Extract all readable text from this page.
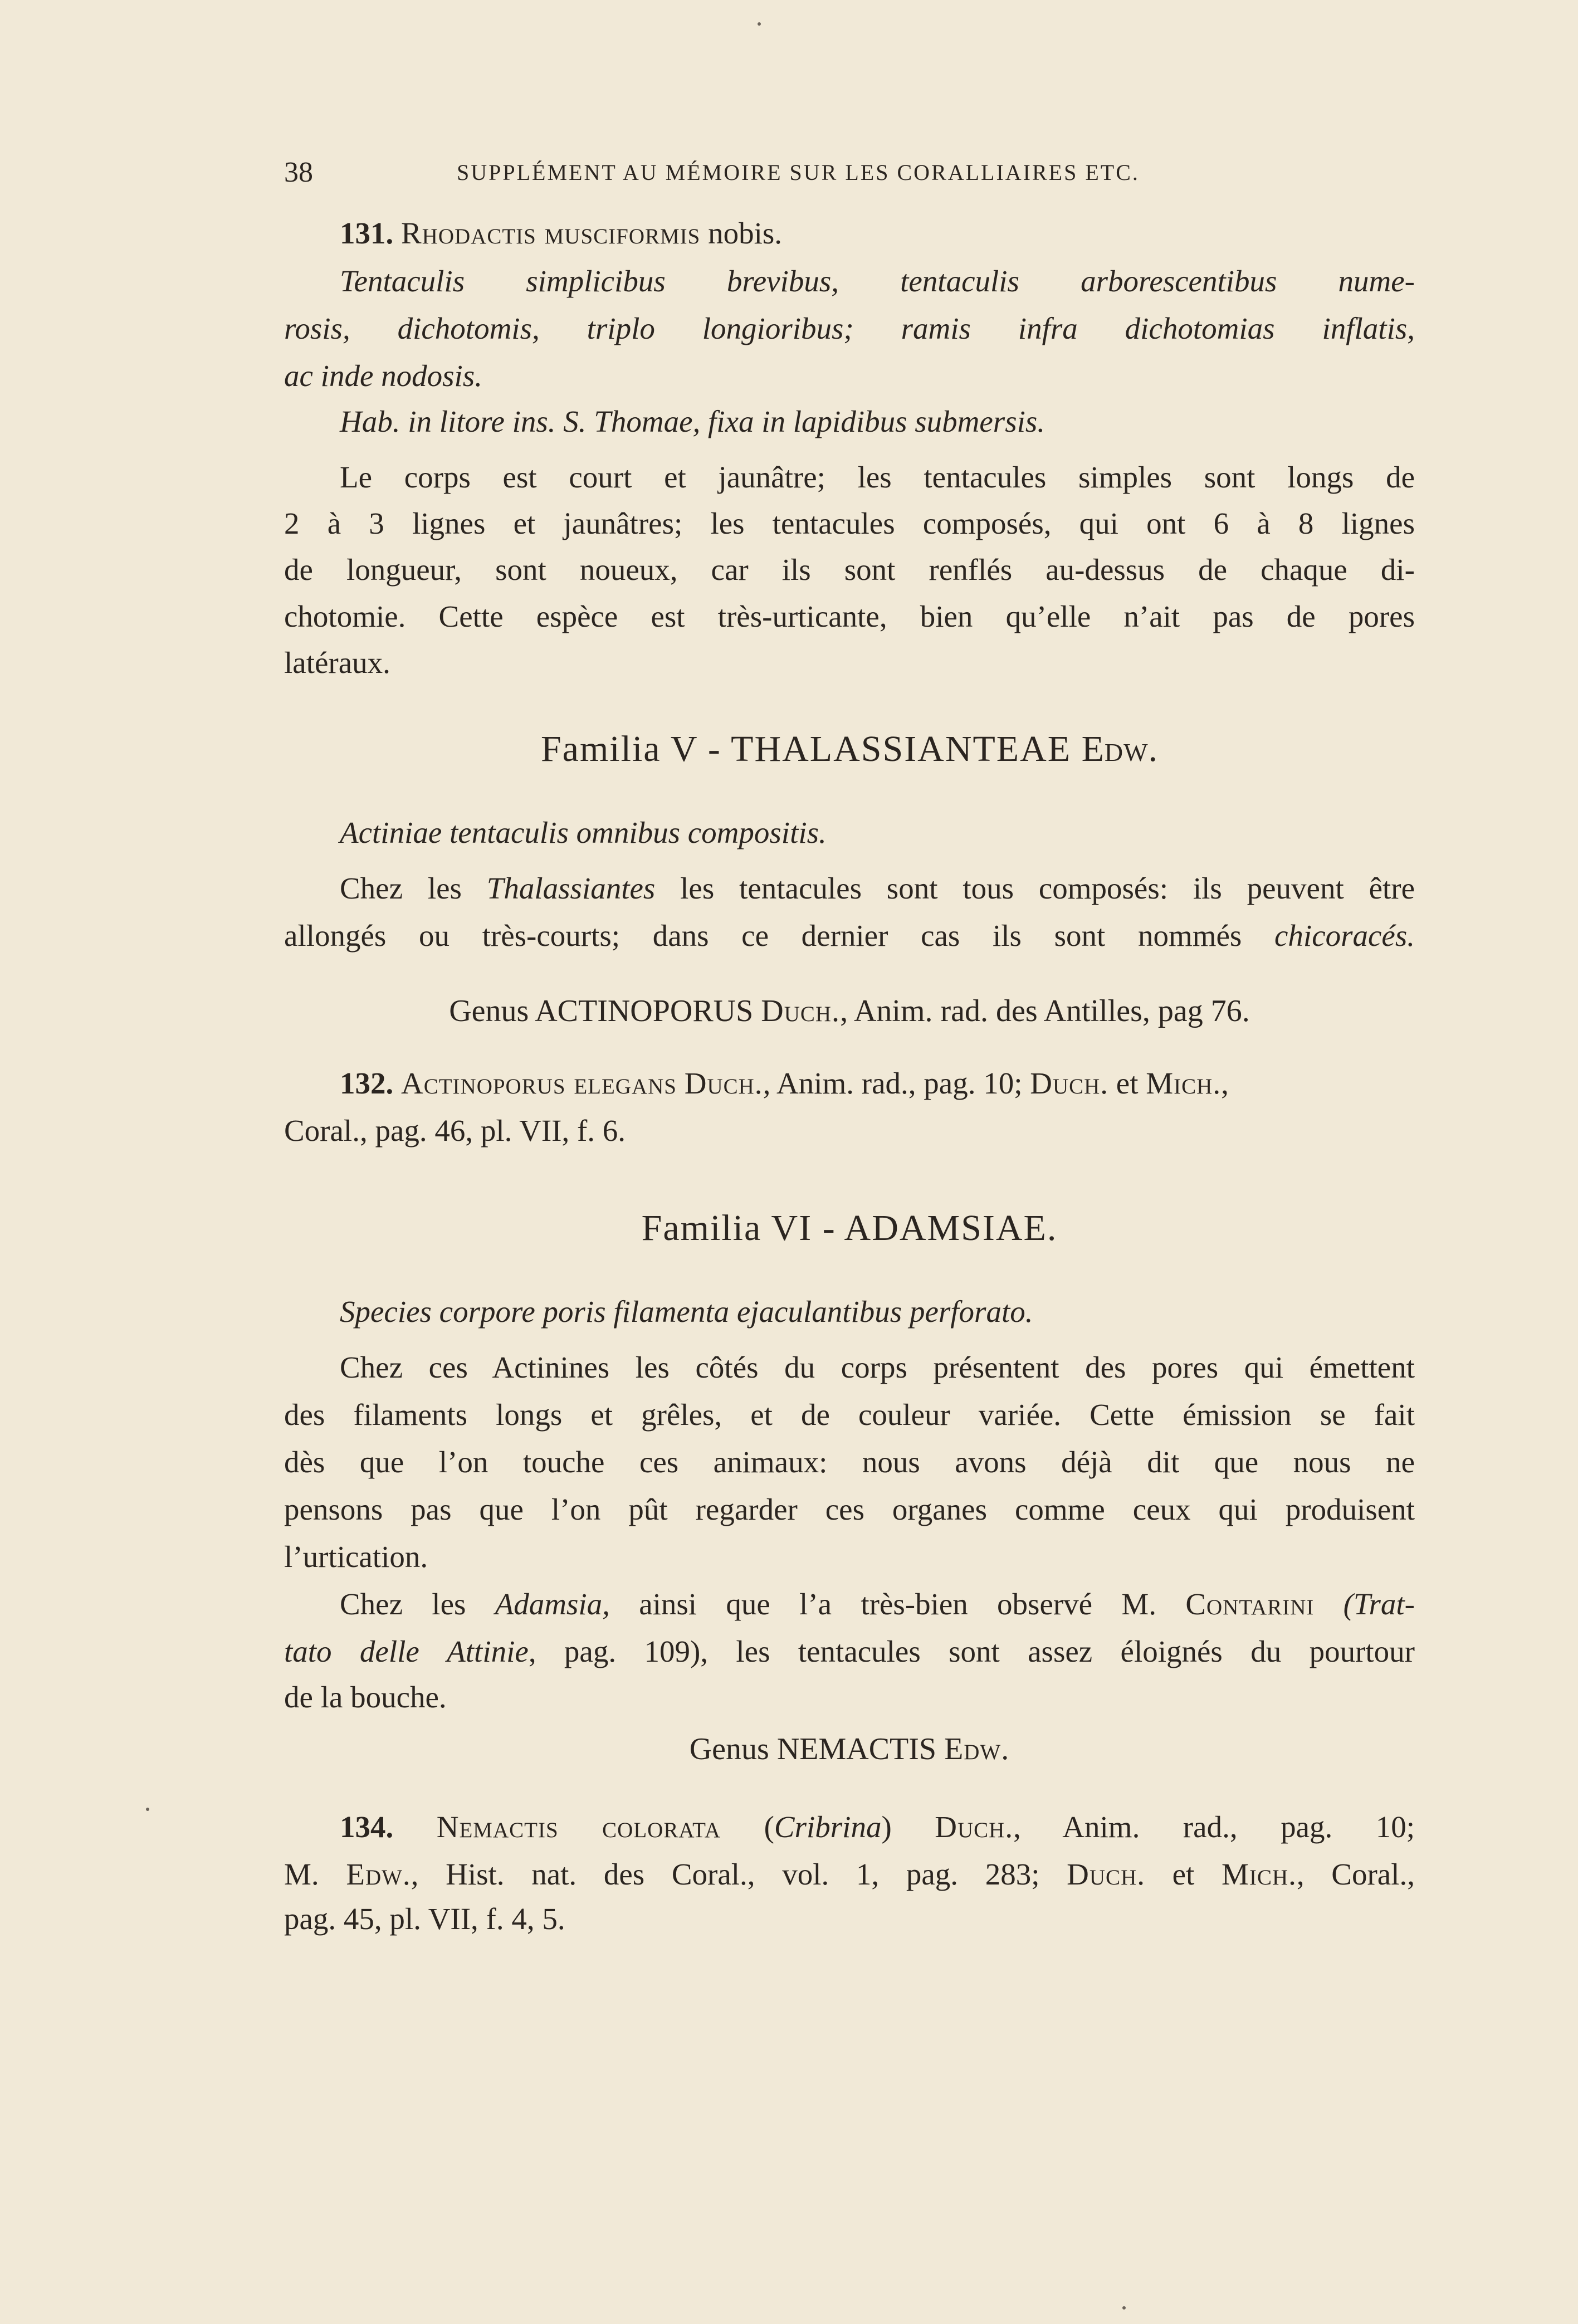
38	SUPPLÉMENT AU MÉMOIRE SUR LES CORALLIAIRES ETC.
131. Rhodactis musciformis nobis.
Tentaculis simplicibus brevibus, tentaculis arborescentibus nume-
rosis, dichotomis, triplo longioribus; ramis infra dichotomias inflatis,
ac inde nodosis.
Hab. in litore ins. S. Thomae, fixa in lapidibus submersis.
Le corps est court et jaunâtre; les tentacules simples sont longs de
2 à 3 lignes et jaunâtres; les tentacules composés, qui ont 6 à 8 lignes
de longueur, sont noueux, car ils sont renflés au-dessus de chaque di-
chotomie. Cette espèce est très-urticante, bien qu’elle n’ait pas de pores
latéraux.
Familia V - THALASSIANTEAE Edw.
Actiniae tentaculis omnibus compositis.
Chez les Thalassiantes les tentacules sont tous composés: ils peuvent être
allongés ou très-courts; dans ce dernier cas ils sont nommés chicoracés.
Genus ACTINOPORUS Duch., Anim. rad. des Antilles, pag 76.
132. Actinoporus elegans Duch., Anim. rad., pag. 10; Duch. et Mich.,
Coral., pag. 46, pl. VII, f. 6.
Familia VI - ADAMSIAE.
Species corpore poris filamenta ejaculantibus perforato.
Chez ces Actinines les côtés du corps présentent des pores qui émettent
des filaments longs et grêles, et de couleur variée. Cette émission se fait
dès que l’on touche ces animaux: nous avons déjà dit que nous ne
pensons pas que l’on pût regarder ces organes comme ceux qui produisent
l’urtication.
Chez les Adamsia, ainsi que l’a très-bien observé M. Contarini (Trat-
tato delle Attinie, pag. 109), les tentacules sont assez éloignés du pourtour
de la bouche.
Genus NEMACTIS Edw.
134. Nemactis colorata (Cribrina) Duch., Anim. rad., pag. 10;
M. Edw., Hist. nat. des Coral., vol. 1, pag. 283; Duch. et Mich., Coral.,
pag. 45, pl. VII, f. 4, 5.
